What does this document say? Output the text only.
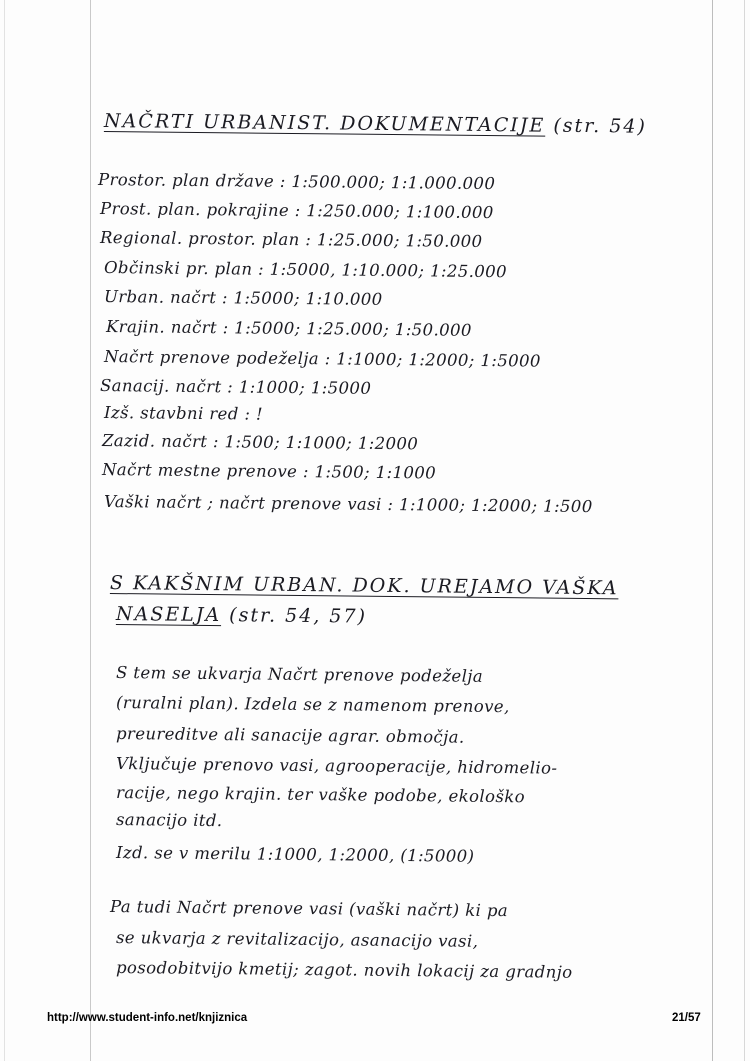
NAČRTI URBANIST. DOKUMENTACIJE (str. 54)
Prostor. plan države : 1:500.000; 1:1.000.000
Prost. plan. pokrajine : 1:250.000; 1:100.000
Regional. prostor. plan : 1:25.000; 1:50.000
Občinski pr. plan : 1:5000, 1:10.000; 1:25.000
Urban. načrt : 1:5000; 1:10.000
Krajin. načrt : 1:5000; 1:25.000; 1:50.000
Načrt prenove podeželja : 1:1000; 1:2000; 1:5000
Sanacij. načrt : 1:1000; 1:5000
Izš. stavbni red : !
Zazid. načrt : 1:500; 1:1000; 1:2000
Načrt mestne prenove : 1:500; 1:1000
Vaški načrt ; načrt prenove vasi : 1:1000; 1:2000; 1:500
S KAKŠNIM URBAN. DOK. UREJAMO VAŠKA
NASELJA (str. 54, 57)
S tem se ukvarja Načrt prenove podeželja
(ruralni plan). Izdela se z namenom prenove,
preureditve ali sanacije agrar. območja.
Vključuje prenovo vasi, agrooperacije, hidromelio-
racije, nego krajin. ter vaške podobe, ekološko
sanacijo itd.
Izd. se v merilu 1:1000, 1:2000, (1:5000)
Pa tudi Načrt prenove vasi (vaški načrt) ki pa
se ukvarja z revitalizacijo, asanacijo vasi,
posodobitvijo kmetij; zagot. novih lokacij za gradnjo
http://www.student-info.net/knjiznica	21/57
